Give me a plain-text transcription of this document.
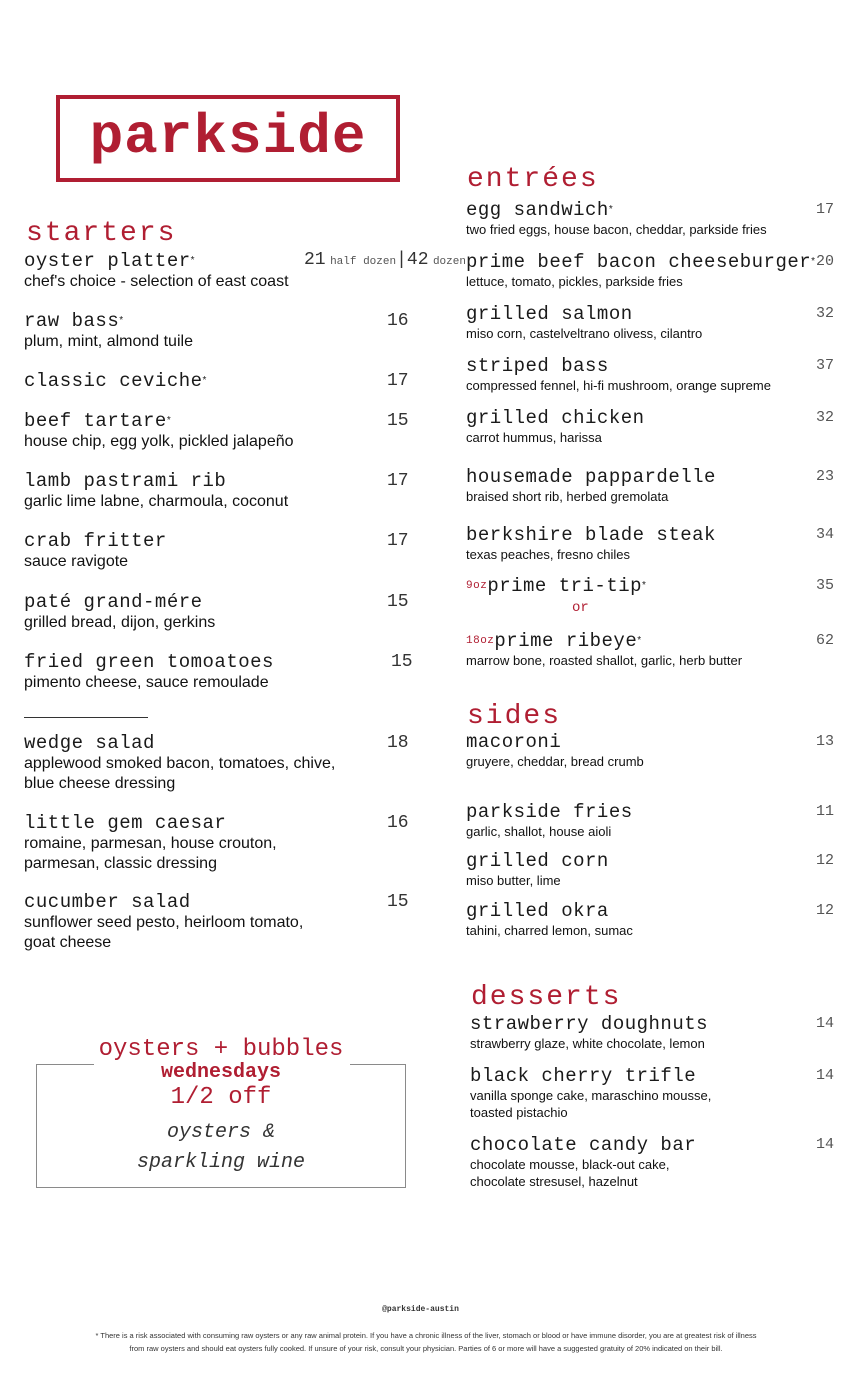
parkside
starters
oyster platter*	21 half dozen|42 dozen
chef's choice - selection of east coast
raw bass*	16
plum, mint, almond tuile
classic ceviche*	17
beef tartare*	15
house chip, egg yolk, pickled jalapeño
lamb pastrami rib	17
garlic lime labne, charmoula, coconut
crab fritter	17
sauce ravigote
paté grand-mére	15
grilled bread, dijon, gerkins
fried green tomoatoes	15
pimento cheese, sauce remoulade
wedge salad	18
applewood smoked bacon, tomatoes, chive,
blue cheese dressing
little gem caesar	16
romaine, parmesan, house crouton,
parmesan, classic dressing
cucumber salad	15
sunflower seed pesto, heirloom tomato,
goat cheese
oysters + bubbles
wednesdays
1/2 off
oysters &
sparkling wine
entrées
egg sandwich*	17
two fried eggs, house bacon, cheddar, parkside fries
prime beef bacon cheeseburger* 20
lettuce, tomato, pickles, parkside fries
grilled salmon	32
miso corn, castelveltrano olivess, cilantro
striped bass	37
compressed fennel, hi-fi mushroom, orange supreme
grilled chicken	32
carrot hummus, harissa
housemade pappardelle	23
braised short rib, herbed gremolata
berkshire blade steak	34
texas peaches, fresno chiles
$^{9oz}$prime tri-tip*	35
or
$^{18oz}$prime ribeye*	62
marrow bone, roasted shallot, garlic, herb butter
sides
macoroni	13
gruyere, cheddar, bread crumb
parkside fries	11
garlic, shallot, house aioli
grilled corn	12
miso butter, lime
grilled okra	12
tahini, charred lemon, sumac
desserts
strawberry doughnuts	14
strawberry glaze, white chocolate, lemon
black cherry trifle	14
vanilla sponge cake, maraschino mousse,
toasted pistachio
chocolate candy bar	14
chocolate mousse, black-out cake,
chocolate stresusel, hazelnut
@parkside-austin
* There is a risk associated with consuming raw oysters or any raw animal protein. If you have a chronic illness of the liver, stomach or blood or have immune disorder, you are at greatest risk of illness
from raw oysters and should eat oysters fully cooked. If unsure of your risk, consult your physician. Parties of 6 or more will have a suggested gratuity of 20% indicated on their bill.
